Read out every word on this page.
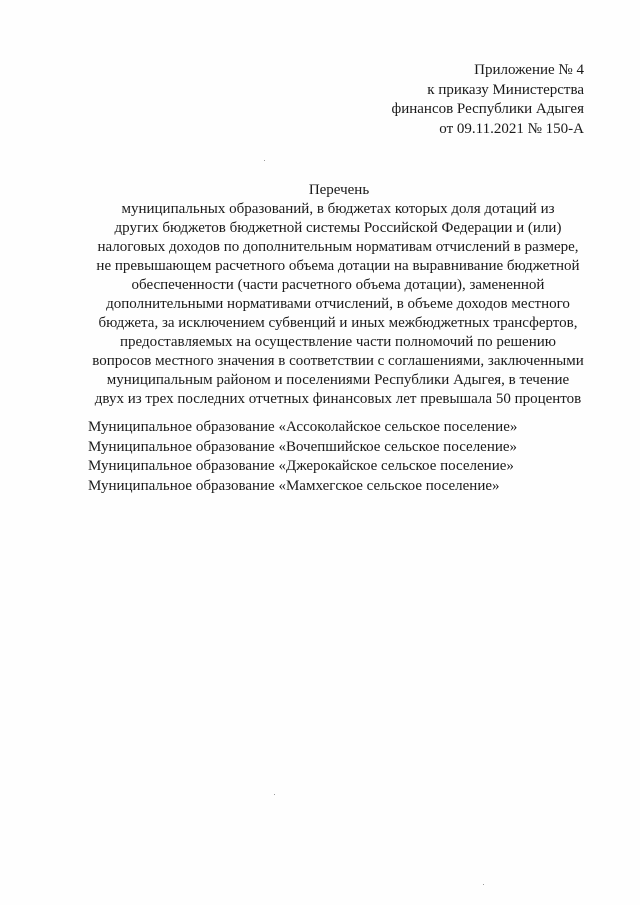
Приложение № 4
к приказу Министерства
финансов Республики Адыгея
от 09.11.2021 № 150-А
Перечень
муниципальных образований, в бюджетах которых доля дотаций из
других бюджетов бюджетной системы Российской Федерации и (или)
налоговых доходов по дополнительным нормативам отчислений в размере,
не превышающем расчетного объема дотации на выравнивание бюджетной
обеспеченности (части расчетного объема дотации), замененной
дополнительными нормативами отчислений, в объеме доходов местного
бюджета, за исключением субвенций и иных межбюджетных трансфертов,
предоставляемых на осуществление части полномочий по решению
вопросов местного значения в соответствии с соглашениями, заключенными
муниципальным районом и поселениями Республики Адыгея, в течение
двух из трех последних отчетных финансовых лет превышала 50 процентов
Муниципальное образование «Ассоколайское сельское поселение»
Муниципальное образование «Вочепшийское сельское поселение»
Муниципальное образование «Джерокайское сельское поселение»
Муниципальное образование «Мамхегское сельское поселение»
